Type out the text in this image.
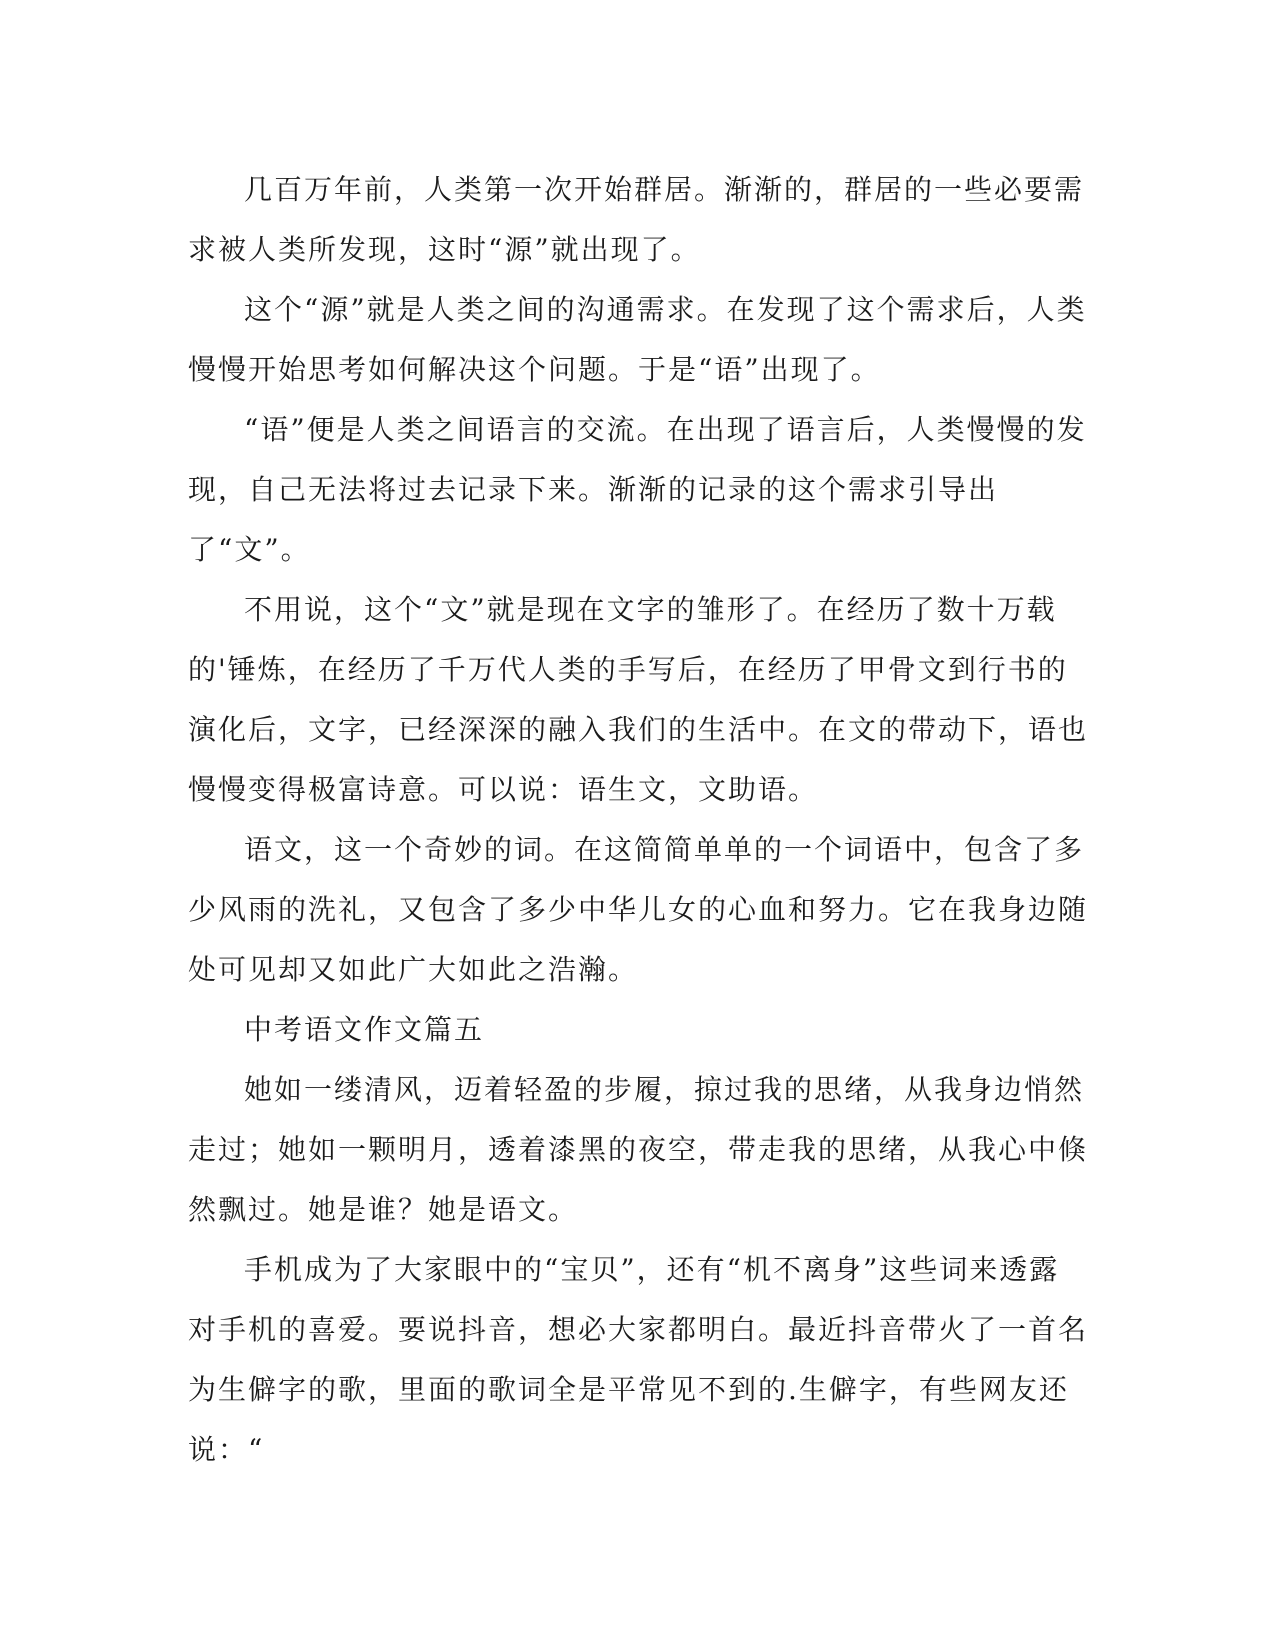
几百万年前，人类第一次开始群居。渐渐的，群居的一些必要需求被人类所发现，这时“源”就出现了。

这个“源”就是人类之间的沟通需求。在发现了这个需求后，人类慢慢开始思考如何解决这个问题。于是“语”出现了。

“语”便是人类之间语言的交流。在出现了语言后，人类慢慢的发现，自己无法将过去记录下来。渐渐的记录的这个需求引导出了“文”。

不用说，这个“文”就是现在文字的雏形了。在经历了数十万载的'锤炼，在经历了千万代人类的手写后，在经历了甲骨文到行书的演化后，文字，已经深深的融入我们的生活中。在文的带动下，语也慢慢变得极富诗意。可以说：语生文，文助语。

语文，这一个奇妙的词。在这简简单单的一个词语中，包含了多少风雨的洗礼，又包含了多少中华儿女的心血和努力。它在我身边随处可见却又如此广大如此之浩瀚。

中考语文作文篇五

她如一缕清风，迈着轻盈的步履，掠过我的思绪，从我身边悄然走过；她如一颗明月，透着漆黑的夜空，带走我的思绪，从我心中倏然飘过。她是谁？她是语文。

手机成为了大家眼中的“宝贝”，还有“机不离身”这些词来透露对手机的喜爱。要说抖音，想必大家都明白。最近抖音带火了一首名为生僻字的歌，里面的歌词全是平常见不到的.生僻字，有些网友还说：“
